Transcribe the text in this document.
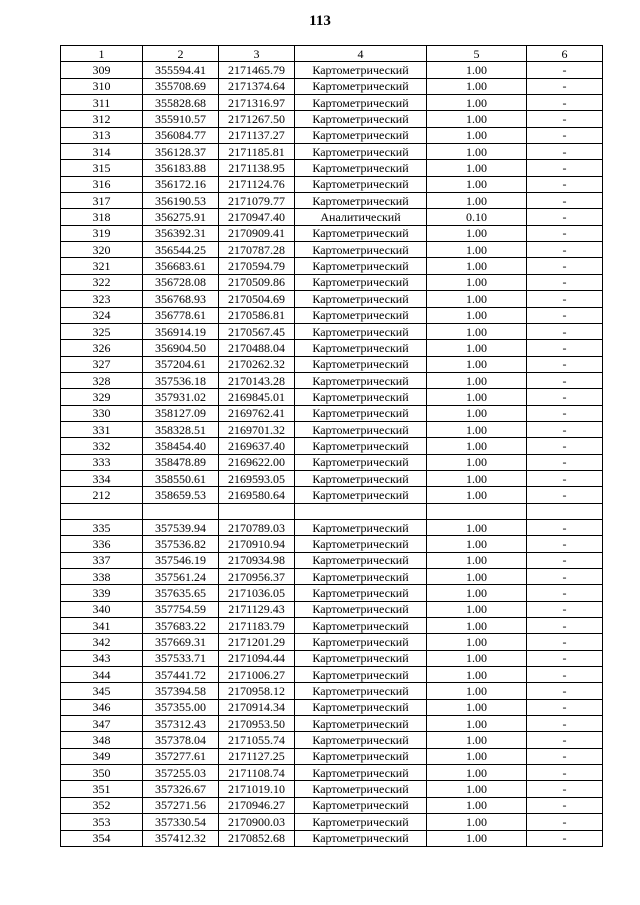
113
1	2	3	4	5	6
309	355594.41	2171465.79	Картометрический	1.00	-
310	355708.69	2171374.64	Картометрический	1.00	-
311	355828.68	2171316.97	Картометрический	1.00	-
312	355910.57	2171267.50	Картометрический	1.00	-
313	356084.77	2171137.27	Картометрический	1.00	-
314	356128.37	2171185.81	Картометрический	1.00	-
315	356183.88	2171138.95	Картометрический	1.00	-
316	356172.16	2171124.76	Картометрический	1.00	-
317	356190.53	2171079.77	Картометрический	1.00	-
318	356275.91	2170947.40	Аналитический	0.10	-
319	356392.31	2170909.41	Картометрический	1.00	-
320	356544.25	2170787.28	Картометрический	1.00	-
321	356683.61	2170594.79	Картометрический	1.00	-
322	356728.08	2170509.86	Картометрический	1.00	-
323	356768.93	2170504.69	Картометрический	1.00	-
324	356778.61	2170586.81	Картометрический	1.00	-
325	356914.19	2170567.45	Картометрический	1.00	-
326	356904.50	2170488.04	Картометрический	1.00	-
327	357204.61	2170262.32	Картометрический	1.00	-
328	357536.18	2170143.28	Картометрический	1.00	-
329	357931.02	2169845.01	Картометрический	1.00	-
330	358127.09	2169762.41	Картометрический	1.00	-
331	358328.51	2169701.32	Картометрический	1.00	-
332	358454.40	2169637.40	Картометрический	1.00	-
333	358478.89	2169622.00	Картометрический	1.00	-
334	358550.61	2169593.05	Картометрический	1.00	-
212	358659.53	2169580.64	Картометрический	1.00	-

335	357539.94	2170789.03	Картометрический	1.00	-
336	357536.82	2170910.94	Картометрический	1.00	-
337	357546.19	2170934.98	Картометрический	1.00	-
338	357561.24	2170956.37	Картометрический	1.00	-
339	357635.65	2171036.05	Картометрический	1.00	-
340	357754.59	2171129.43	Картометрический	1.00	-
341	357683.22	2171183.79	Картометрический	1.00	-
342	357669.31	2171201.29	Картометрический	1.00	-
343	357533.71	2171094.44	Картометрический	1.00	-
344	357441.72	2171006.27	Картометрический	1.00	-
345	357394.58	2170958.12	Картометрический	1.00	-
346	357355.00	2170914.34	Картометрический	1.00	-
347	357312.43	2170953.50	Картометрический	1.00	-
348	357378.04	2171055.74	Картометрический	1.00	-
349	357277.61	2171127.25	Картометрический	1.00	-
350	357255.03	2171108.74	Картометрический	1.00	-
351	357326.67	2171019.10	Картометрический	1.00	-
352	357271.56	2170946.27	Картометрический	1.00	-
353	357330.54	2170900.03	Картометрический	1.00	-
354	357412.32	2170852.68	Картометрический	1.00	-
